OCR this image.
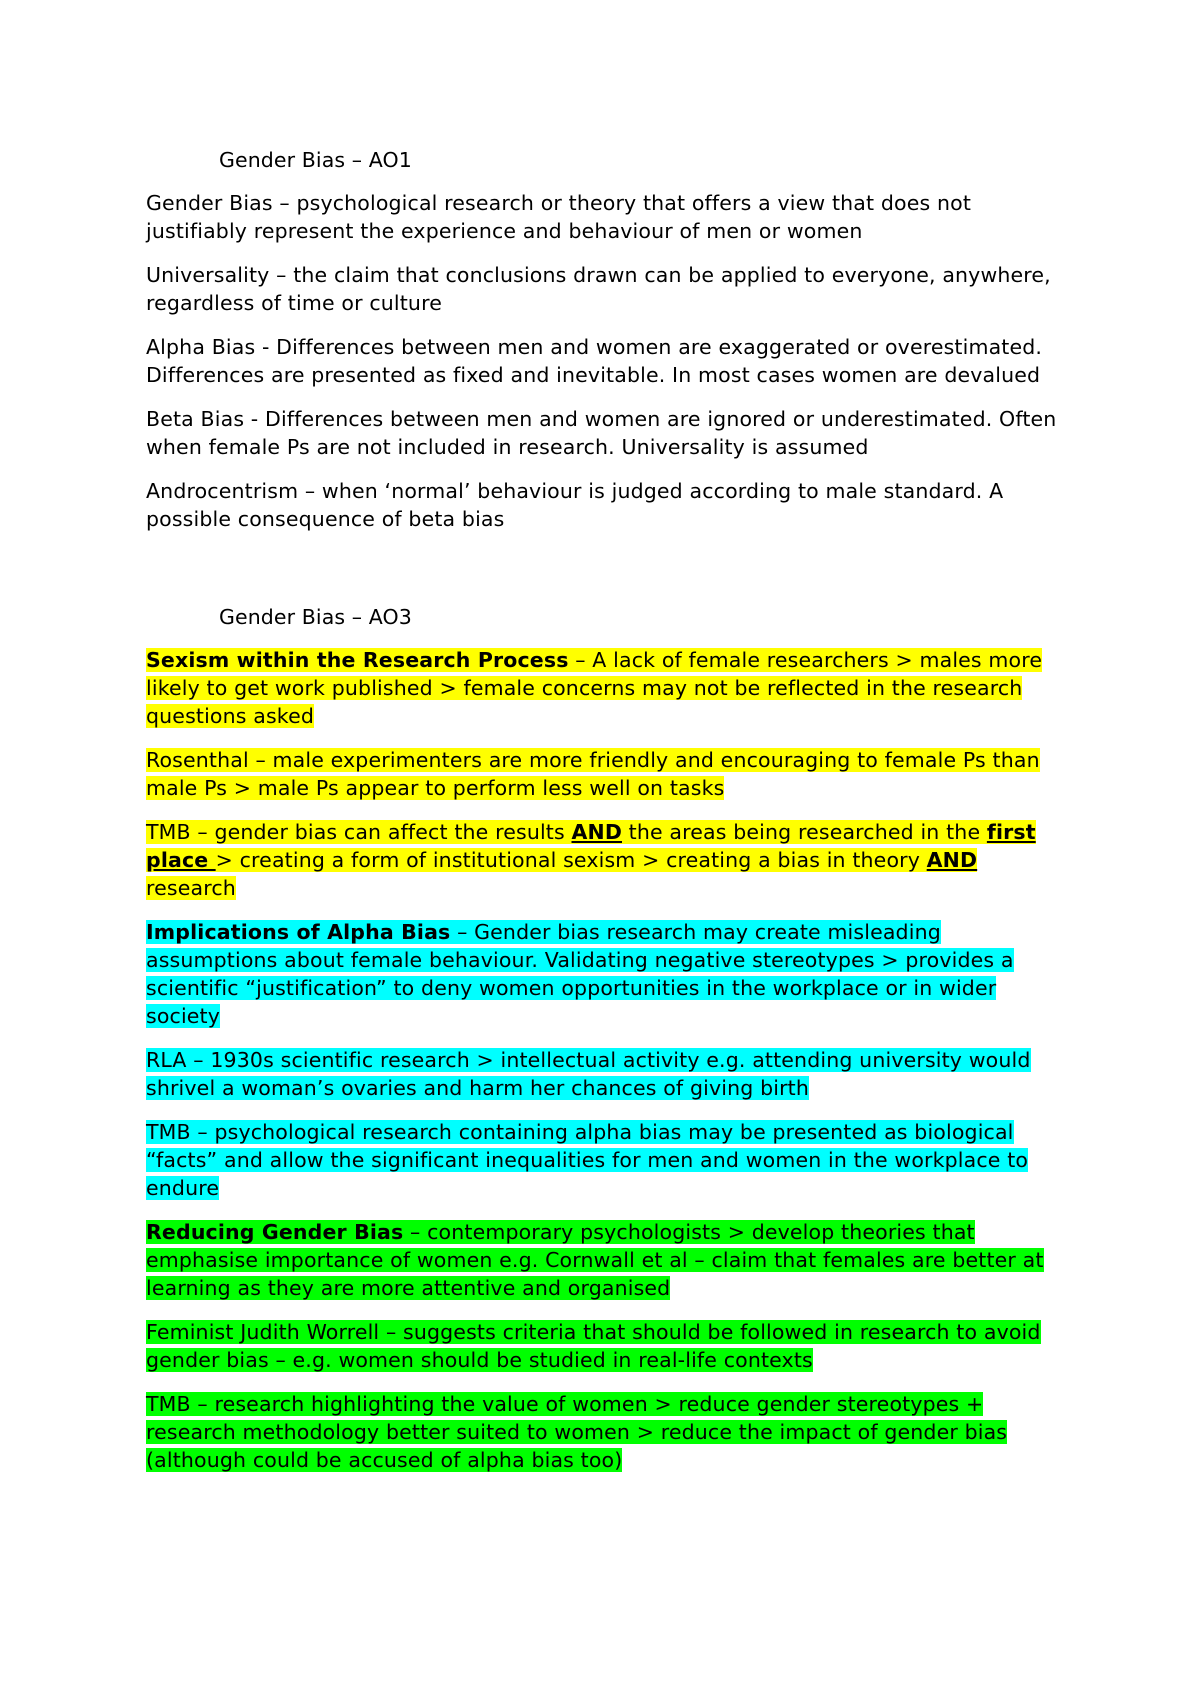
Gender Bias – AO1

Gender Bias – psychological research or theory that offers a view that does not justifiably represent the experience and behaviour of men or women

Universality – the claim that conclusions drawn can be applied to everyone, anywhere, regardless of time or culture

Alpha Bias - Differences between men and women are exaggerated or overestimated. Differences are presented as fixed and inevitable. In most cases women are devalued

Beta Bias - Differences between men and women are ignored or underestimated. Often when female Ps are not included in research. Universality is assumed

Androcentrism – when ‘normal’ behaviour is judged according to male standard. A possible consequence of beta bias

Gender Bias – AO3

Sexism within the Research Process – A lack of female researchers > males more likely to get work published > female concerns may not be reflected in the research questions asked

Rosenthal – male experimenters are more friendly and encouraging to female Ps than male Ps > male Ps appear to perform less well on tasks

TMB – gender bias can affect the results AND the areas being researched in the first place > creating a form of institutional sexism > creating a bias in theory AND research

Implications of Alpha Bias – Gender bias research may create misleading assumptions about female behaviour. Validating negative stereotypes > provides a scientific “justification” to deny women opportunities in the workplace or in wider society

RLA – 1930s scientific research > intellectual activity e.g. attending university would shrivel a woman’s ovaries and harm her chances of giving birth

TMB – psychological research containing alpha bias may be presented as biological “facts” and allow the significant inequalities for men and women in the workplace to endure

Reducing Gender Bias – contemporary psychologists > develop theories that emphasise importance of women e.g. Cornwall et al – claim that females are better at learning as they are more attentive and organised

Feminist Judith Worrell – suggests criteria that should be followed in research to avoid gender bias – e.g. women should be studied in real-life contexts

TMB – research highlighting the value of women > reduce gender stereotypes + research methodology better suited to women > reduce the impact of gender bias (although could be accused of alpha bias too)
